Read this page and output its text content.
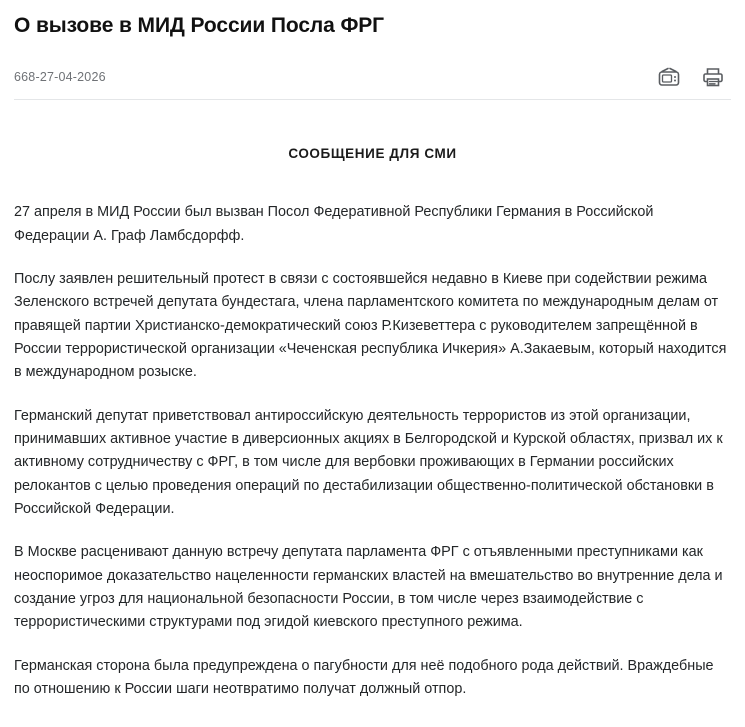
О вызове в МИД России Посла ФРГ
668-27-04-2026
СООБЩЕНИЕ ДЛЯ СМИ

27 апреля в МИД России был вызван Посол Федеративной Республики Германия в Российской Федерации А. Граф Ламбсдорфф.

Послу заявлен решительный протест в связи с состоявшейся недавно в Киеве при содействии режима Зеленского встречей депутата бундестага, члена парламентского комитета по международным делам от правящей партии Христианско-демократический союз Р.Кизеветтера с руководителем запрещённой в России террористической организации «Чеченская республика Ичкерия» А.Закаевым, который находится в международном розыске.

Германский депутат приветствовал антироссийскую деятельность террористов из этой организации, принимавших активное участие в диверсионных акциях в Белгородской и Курской областях, призвал их к активному сотрудничеству с ФРГ, в том числе для вербовки проживающих в Германии российских релокантов с целью проведения операций по дестабилизации общественно-политической обстановки в Российской Федерации.

В Москве расценивают данную встречу депутата парламента ФРГ с отъявленными преступниками как неоспоримое доказательство нацеленности германских властей на вмешательство во внутренние дела и создание угроз для национальной безопасности России, в том числе через взаимодействие с террористическими структурами под эгидой киевского преступного режима.

Германская сторона была предупреждена о пагубности для неё подобного рода действий. Враждебные по отношению к России шаги неотвратимо получат должный отпор.
